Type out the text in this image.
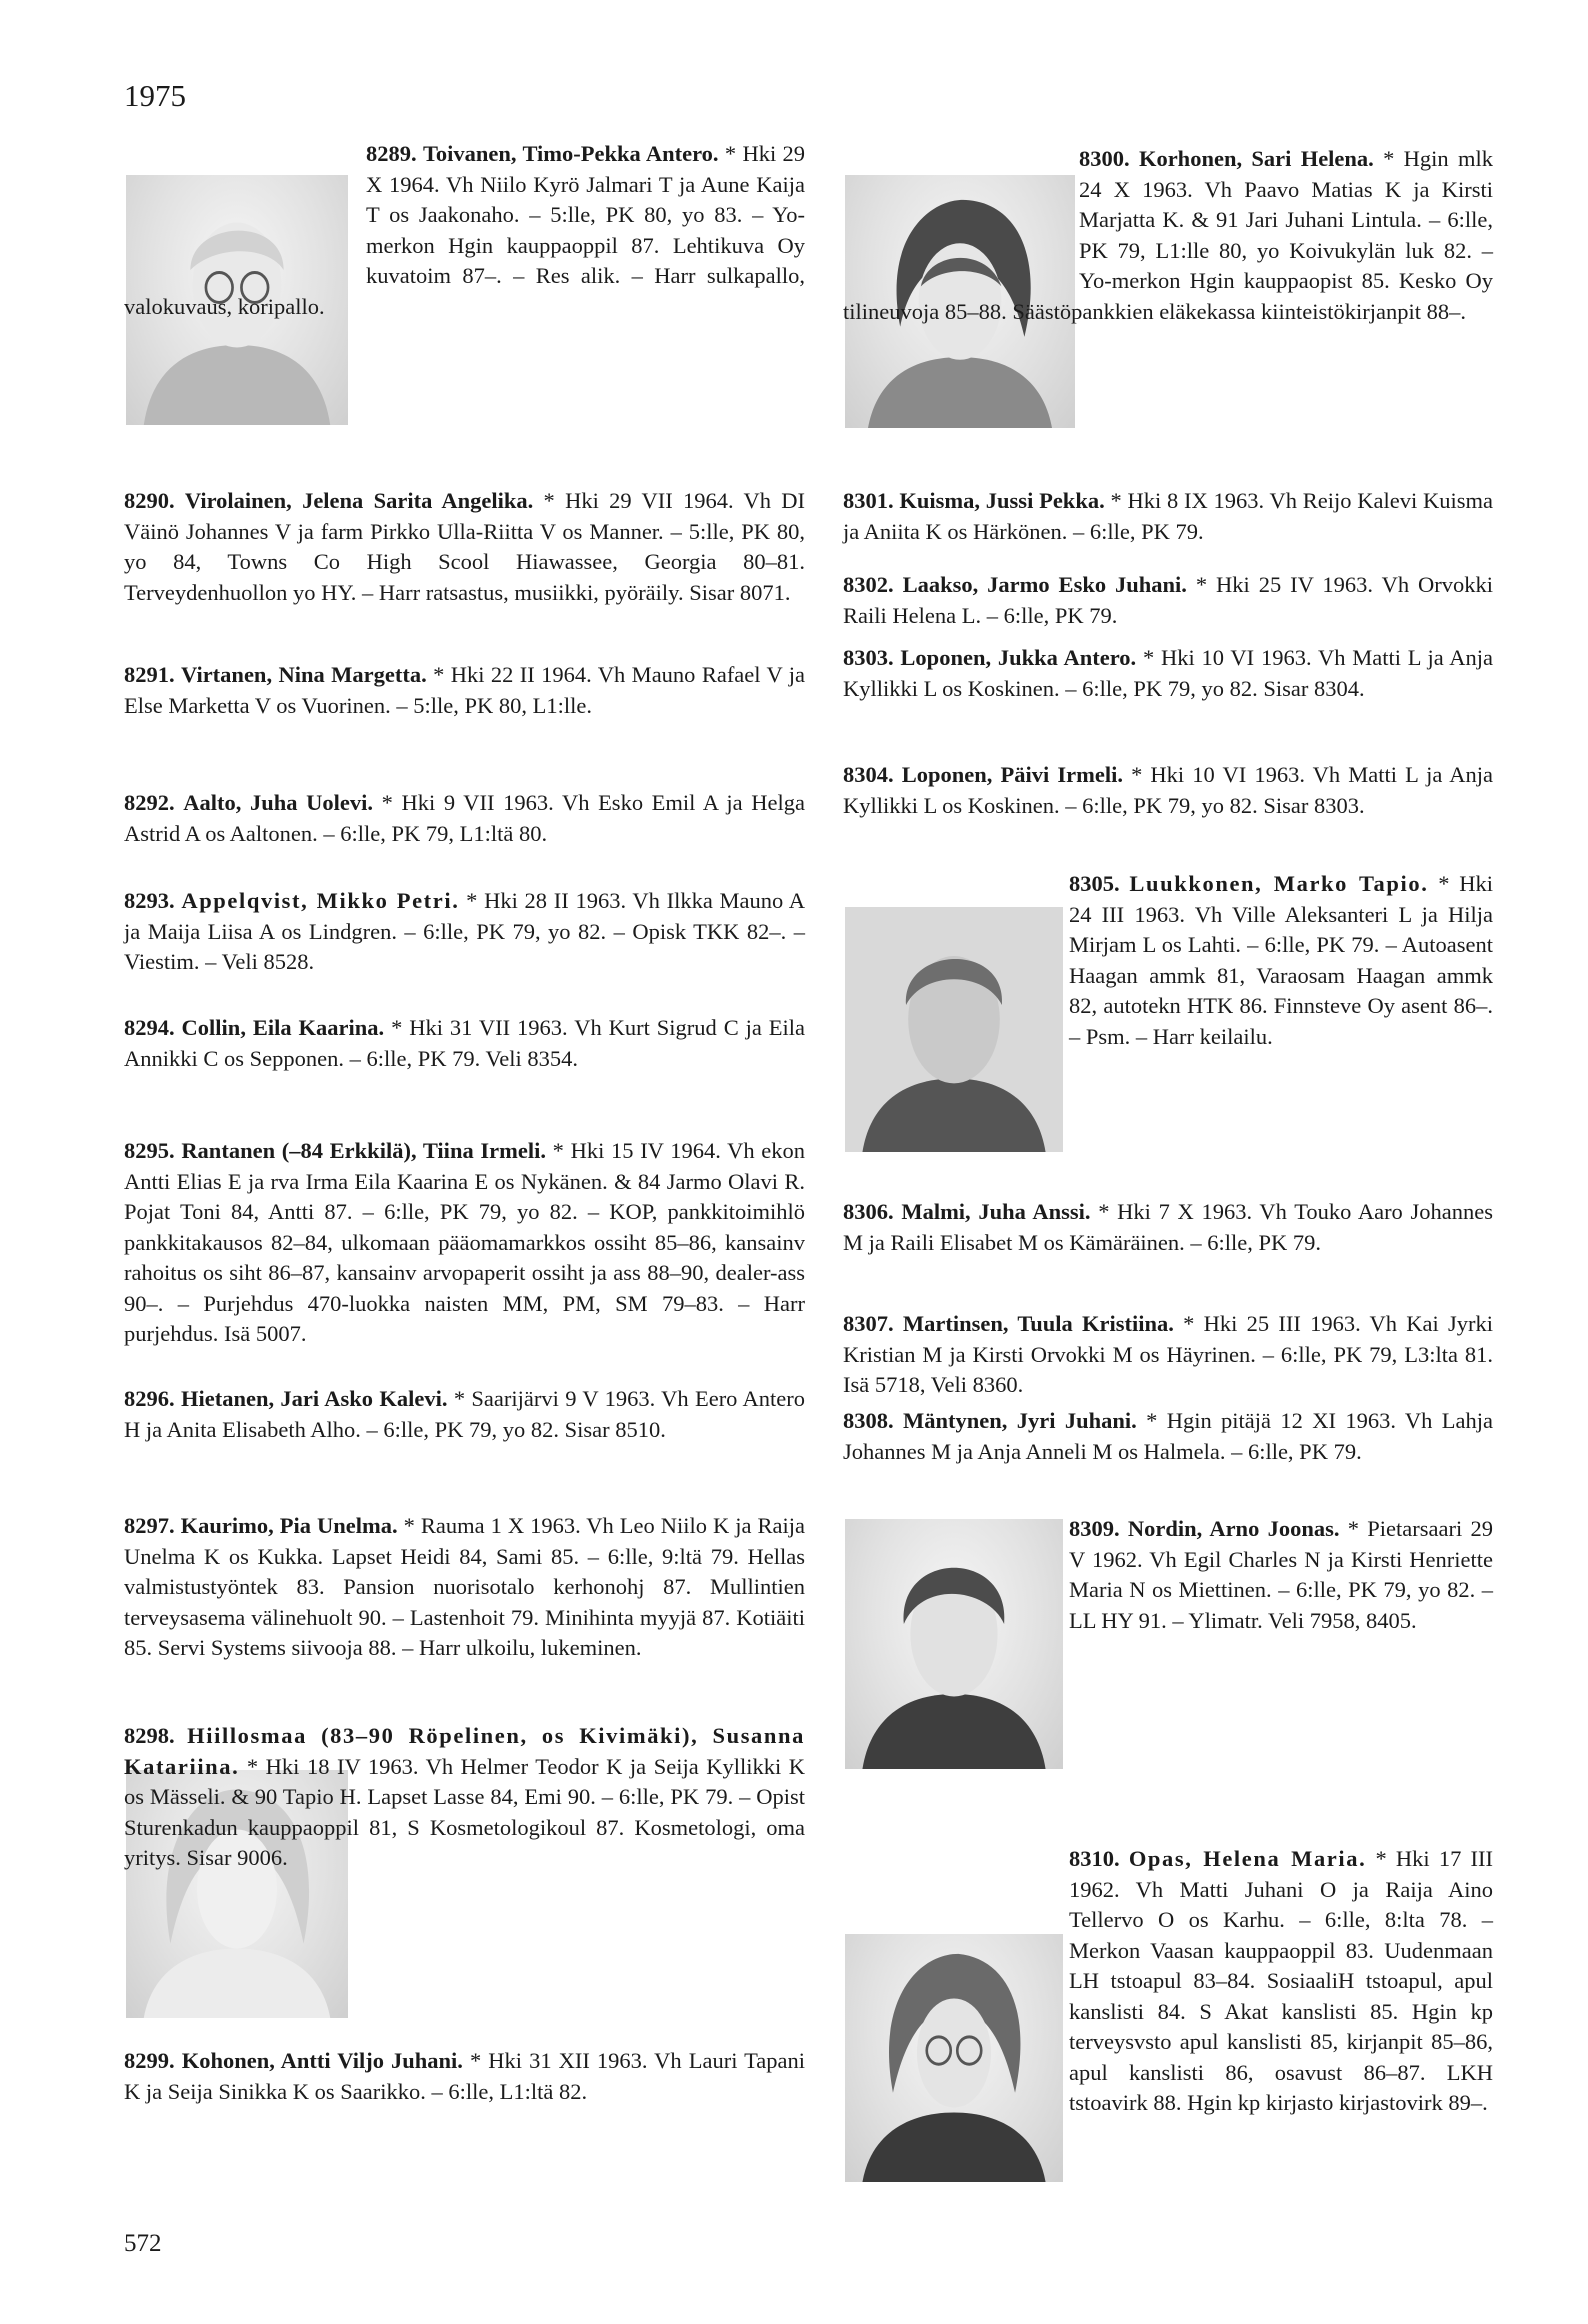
1975

8289. Toivanen, Timo-Pekka Antero. * Hki 29 X 1964. Vh Niilo Kyrö Jalmari T ja Aune Kaija T os Jaakonaho. – 5:lle, PK 80, yo 83. – Yo-merkon Hgin kauppaoppil 87. Lehtikuva Oy kuvatoim 87–. – Res alik. – Harr sulkapallo, valokuvaus, koripallo.

8290. Virolainen, Jelena Sarita Angelika. * Hki 29 VII 1964. Vh DI Väinö Johannes V ja farm Pirkko Ulla-Riitta V os Manner. – 5:lle, PK 80, yo 84, Towns Co High Scool Hiawassee, Georgia 80–81. Terveydenhuollon yo HY. – Harr ratsastus, musiikki, pyöräily. Sisar 8071.

8291. Virtanen, Nina Margetta. * Hki 22 II 1964. Vh Mauno Rafael V ja Else Marketta V os Vuorinen. – 5:lle, PK 80, L1:lle.

8292. Aalto, Juha Uolevi. * Hki 9 VII 1963. Vh Esko Emil A ja Helga Astrid A os Aaltonen. – 6:lle, PK 79, L1:ltä 80.

8293. Appelqvist, Mikko Petri. * Hki 28 II 1963. Vh Ilkka Mauno A ja Maija Liisa A os Lindgren. – 6:lle, PK 79, yo 82. – Opisk TKK 82–. – Viestim. – Veli 8528.

8294. Collin, Eila Kaarina. * Hki 31 VII 1963. Vh Kurt Sigrud C ja Eila Annikki C os Sepponen. – 6:lle, PK 79. Veli 8354.

8295. Rantanen (–84 Erkkilä), Tiina Irmeli. * Hki 15 IV 1964. Vh ekon Antti Elias E ja rva Irma Eila Kaarina E os Nykänen. & 84 Jarmo Olavi R. Pojat Toni 84, Antti 87. – 6:lle, PK 79, yo 82. – KOP, pankkitoimihlö pankkitakausos 82–84, ulkomaan pääomamarkkos ossiht 85–86, kansainv rahoitus os siht 86–87, kansainv arvopaperit ossiht ja ass 88–90, dealer-ass 90–. – Purjehdus 470-luokka naisten MM, PM, SM 79–83. – Harr purjehdus. Isä 5007.

8296. Hietanen, Jari Asko Kalevi. * Saarijärvi 9 V 1963. Vh Eero Antero H ja Anita Elisabeth Alho. – 6:lle, PK 79, yo 82. Sisar 8510.

8297. Kaurimo, Pia Unelma. * Rauma 1 X 1963. Vh Leo Niilo K ja Raija Unelma K os Kukka. Lapset Heidi 84, Sami 85. – 6:lle, 9:ltä 79. Hellas valmistustyöntek 83. Pansion nuorisotalo kerhonohj 87. Mullintien terveysasema välinehuolt 90. – Lastenhoit 79. Minihinta myyjä 87. Kotiäiti 85. Servi Systems siivooja 88. – Harr ulkoilu, lukeminen.

8298. Hiillosmaa (83–90 Röpelinen, os Kivimäki), Susanna Katariina. * Hki 18 IV 1963. Vh Helmer Teodor K ja Seija Kyllikki K os Mässeli. & 90 Tapio H. Lapset Lasse 84, Emi 90. – 6:lle, PK 79. – Opist Sturenkadun kauppaoppil 81, S Kosmetologikoul 87. Kosmetologi, oma yritys. Sisar 9006.

8299. Kohonen, Antti Viljo Juhani. * Hki 31 XII 1963. Vh Lauri Tapani K ja Seija Sinikka K os Saarikko. – 6:lle, L1:ltä 82.

8300. Korhonen, Sari Helena. * Hgin mlk 24 X 1963. Vh Paavo Matias K ja Kirsti Marjatta K. & 91 Jari Juhani Lintula. – 6:lle, PK 79, L1:lle 80, yo Koivukylän luk 82. – Yo-merkon Hgin kauppaopist 85. Kesko Oy tilineuvoja 85–88. Säästöpankkien eläkekassa kiinteistökirjanpit 88–.

8301. Kuisma, Jussi Pekka. * Hki 8 IX 1963. Vh Reijo Kalevi Kuisma ja Aniita K os Härkönen. – 6:lle, PK 79.

8302. Laakso, Jarmo Esko Juhani. * Hki 25 IV 1963. Vh Orvokki Raili Helena L. – 6:lle, PK 79.

8303. Loponen, Jukka Antero. * Hki 10 VI 1963. Vh Matti L ja Anja Kyllikki L os Koskinen. – 6:lle, PK 79, yo 82. Sisar 8304.

8304. Loponen, Päivi Irmeli. * Hki 10 VI 1963. Vh Matti L ja Anja Kyllikki L os Koskinen. – 6:lle, PK 79, yo 82. Sisar 8303.

8305. Luukkonen, Marko Tapio. * Hki 24 III 1963. Vh Ville Aleksanteri L ja Hilja Mirjam L os Lahti. – 6:lle, PK 79. – Autoasent Haagan ammk 81, Varaosam Haagan ammk 82, autotekn HTK 86. Finnsteve Oy asent 86–. – Psm. – Harr keilailu.

8306. Malmi, Juha Anssi. * Hki 7 X 1963. Vh Touko Aaro Johannes M ja Raili Elisabet M os Kämäräinen. – 6:lle, PK 79.

8307. Martinsen, Tuula Kristiina. * Hki 25 III 1963. Vh Kai Jyrki Kristian M ja Kirsti Orvokki M os Häyrinen. – 6:lle, PK 79, L3:lta 81. Isä 5718, Veli 8360.

8308. Mäntynen, Jyri Juhani. * Hgin pitäjä 12 XI 1963. Vh Lahja Johannes M ja Anja Anneli M os Halmela. – 6:lle, PK 79.

8309. Nordin, Arno Joonas. * Pietarsaari 29 V 1962. Vh Egil Charles N ja Kirsti Henriette Maria N os Miettinen. – 6:lle, PK 79, yo 82. – LL HY 91. – Ylimatr. Veli 7958, 8405.

8310. Opas, Helena Maria. * Hki 17 III 1962. Vh Matti Juhani O ja Raija Aino Tellervo O os Karhu. – 6:lle, 8:lta 78. – Merkon Vaasan kauppaoppil 83. Uudenmaan LH tstoapul 83–84. SosiaaliH tstoapul, apul kanslisti 84. S Akat kanslisti 85. Hgin kp terveysvsto apul kanslisti 85, kirjanpit 85–86, apul kanslisti 86, osavust 86–87. LKH tstoavirk 88. Hgin kp kirjasto kirjastovirk 89–.

572
